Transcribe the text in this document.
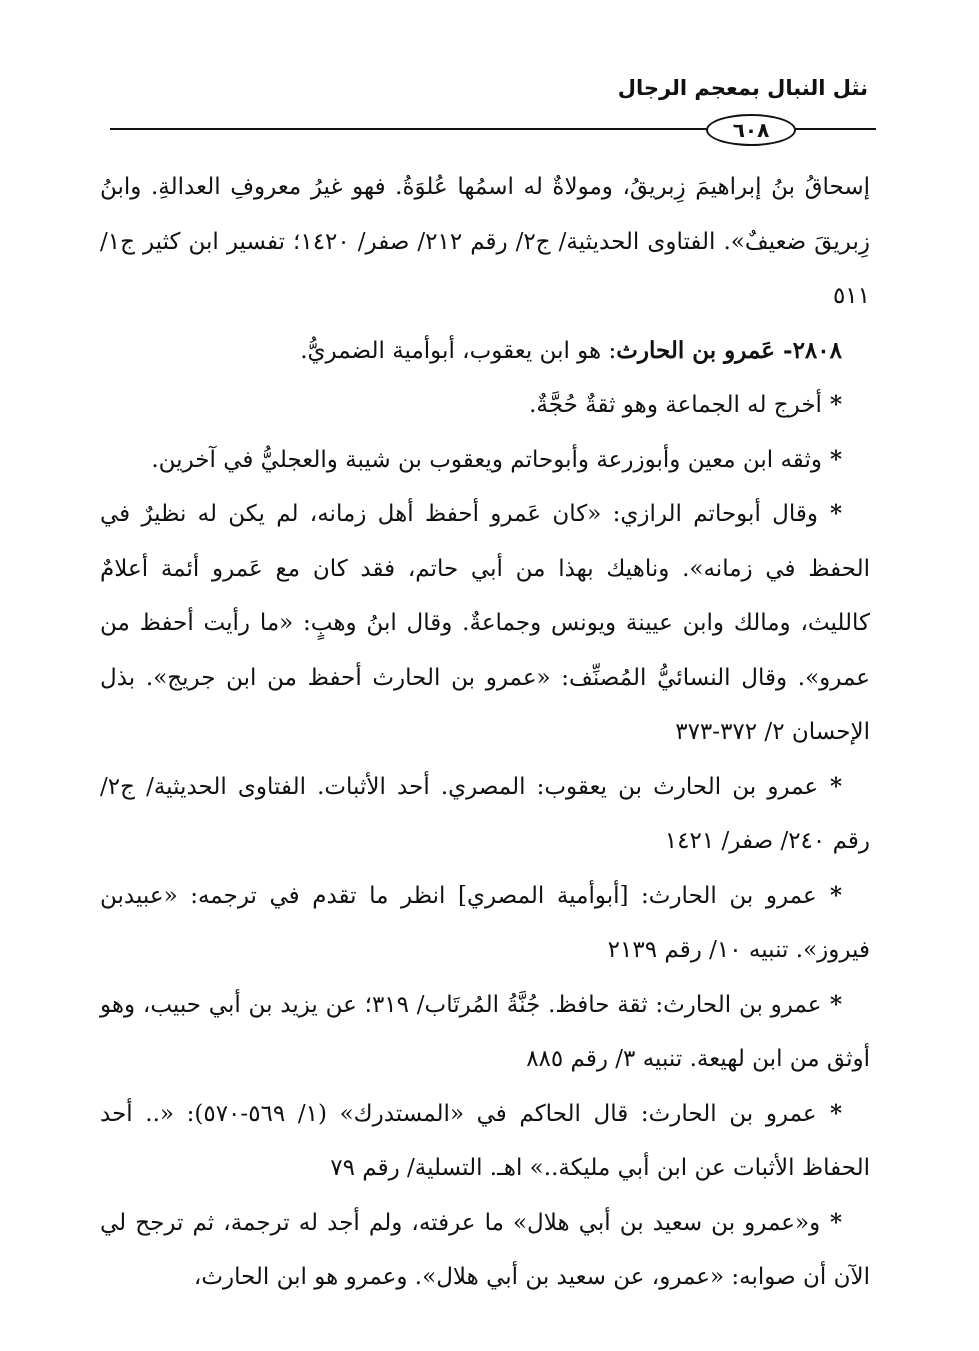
نثل النبال بمعجم الرجال
٦٠٨

إسحاقُ بنُ إبراهيمَ زِبريقُ، ومولاةٌ له اسمُها عُلوَةُ. فهو غيرُ معروفِ العدالةِ. وابنُ زِبريقَ ضعيفٌ». الفتاوى الحديثية/ ج٢/ رقم ٢١٢/ صفر/ ١٤٢٠؛ تفسير ابن كثير ج١/ ٥١١

٢٨٠٨- عَمرو بن الحارث: هو ابن يعقوب، أبوأمية الضمريُّ.

* أخرج له الجماعة وهو ثقةٌ حُجَّةٌ.

* وثقه ابن معين وأبوزرعة وأبوحاتم ويعقوب بن شيبة والعجليُّ في آخرين.

* وقال أبوحاتم الرازي: «كان عَمرو أحفظ أهل زمانه، لم يكن له نظيرٌ في الحفظ في زمانه». وناهيك بهذا من أبي حاتم، فقد كان مع عَمرو أئمة أعلامٌ كالليث، ومالك وابن عيينة ويونس وجماعةٌ. وقال ابنُ وهبٍ: «ما رأيت أحفظ من عمرو». وقال النسائيُّ المُصنِّف: «عمرو بن الحارث أحفظ من ابن جريج». بذل الإحسان ٢/ ٣٧٢-٣٧٣

* عمرو بن الحارث بن يعقوب: المصري. أحد الأثبات. الفتاوى الحديثية/ ج٢/ رقم ٢٤٠/ صفر/ ١٤٢١

* عمرو بن الحارث: [أبوأمية المصري] انظر ما تقدم في ترجمه: «عبيدبن فيروز». تنبيه ١٠/ رقم ٢١٣٩

* عمرو بن الحارث: ثقة حافظ. جُنَّةُ المُرتَاب/ ٣١٩؛ عن يزيد بن أبي حبيب، وهو أوثق من ابن لهيعة. تنبيه ٣/ رقم ٨٨٥

* عمرو بن الحارث: قال الحاكم في «المستدرك» (١/ ٥٦٩-٥٧٠): «.. أحد الحفاظ الأثبات عن ابن أبي مليكة..» اهـ. التسلية/ رقم ٧٩

* و«عمرو بن سعيد بن أبي هلال» ما عرفته، ولم أجد له ترجمة، ثم ترجح لي الآن أن صوابه: «عمرو، عن سعيد بن أبي هلال». وعمرو هو ابن الحارث،
